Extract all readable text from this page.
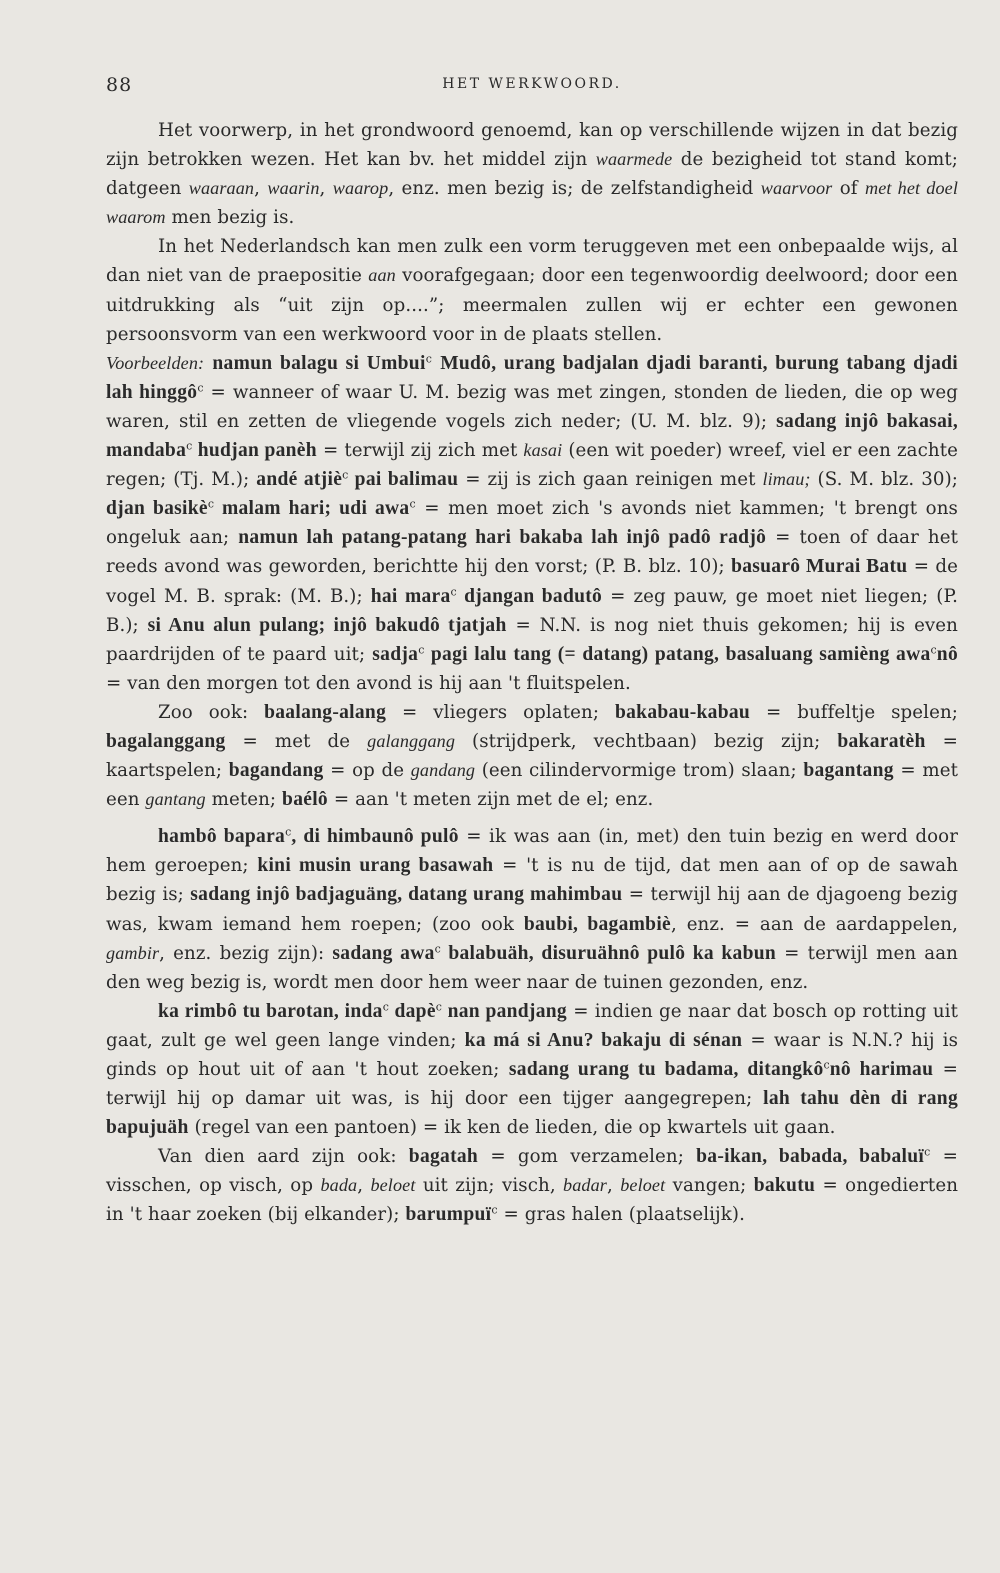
88	HET WERKWOORD.

Het voorwerp, in het grondwoord genoemd, kan op verschillende wijzen in dat bezig zijn betrokken wezen. Het kan bv. het middel zijn waarmede de bezigheid tot stand komt; datgeen waaraan, waarin, waarop, enz. men bezig is; de zelfstandigheid waarvoor of met het doel waarom men bezig is.

In het Nederlandsch kan men zulk een vorm teruggeven met een onbepaalde wijs, al dan niet van de praepositie aan voorafgegaan; door een tegenwoordig deelwoord; door een uitdrukking als “uit zijn op....”; meermalen zullen wij er echter een gewonen persoonsvorm van een werkwoord voor in de plaats stellen.

Voorbeelden: namun balagu si Umbui$^c$ Mudô, urang badjalan djadi baranti, burung tabang djadi lah hinggô$^c$ = wanneer of waar U. M. bezig was met zingen, stonden de lieden, die op weg waren, stil en zetten de vliegende vogels zich neder; (U. M. blz. 9); sadang injô bakasai, mandaba$^c$ hudjan panèh = terwijl zij zich met kasai (een wit poeder) wreef, viel er een zachte regen; (Tj. M.); andé atjiè$^c$ pai balimau = zij is zich gaan reinigen met limau; (S. M. blz. 30); djan basikè$^c$ malam hari; udi awa$^c$ = men moet zich 's avonds niet kammen; 't brengt ons ongeluk aan; namun lah patang-patang hari bakaba lah injô padô radjô = toen of daar het reeds avond was geworden, berichtte hij den vorst; (P. B. blz. 10); basuarô Murai Batu = de vogel M. B. sprak: (M. B.); hai mara$^c$ djangan badutô = zeg pauw, ge moet niet liegen; (P. B.); si Anu alun pulang; injô bakudô tjatjah = N.N. is nog niet thuis gekomen; hij is even paardrijden of te paard uit; sadja$^c$ pagi lalu tang (= datang) patang, basaluang samièng awa$^c$nô = van den morgen tot den avond is hij aan 't fluitspelen.

Zoo ook: baalang-alang = vliegers oplaten; bakabau-kabau = buffeltje spelen; bagalanggang = met de galanggang (strijdperk, vechtbaan) bezig zijn; bakaratèh = kaartspelen; bagandang = op de gandang (een cilindervormige trom) slaan; bagantang = met een gantang meten; baélô = aan 't meten zijn met de el; enz.

hambô bapara$^c$, di himbaunô pulô = ik was aan (in, met) den tuin bezig en werd door hem geroepen; kini musin urang basawah = 't is nu de tijd, dat men aan of op de sawah bezig is; sadang injô badjaguäng, datang urang mahimbau = terwijl hij aan de djagoeng bezig was, kwam iemand hem roepen; (zoo ook baubi, bagambiè, enz. = aan de aardappelen, gambir, enz. bezig zijn): sadang awa$^c$ balabuäh, disuruähnô pulô ka kabun = terwijl men aan den weg bezig is, wordt men door hem weer naar de tuinen gezonden, enz.

ka rimbô tu barotan, inda$^c$ dapè$^c$ nan pandjang = indien ge naar dat bosch op rotting uit gaat, zult ge wel geen lange vinden; ka má si Anu? bakaju di sénan = waar is N.N.? hij is ginds op hout uit of aan 't hout zoeken; sadang urang tu badama, ditangkô$^c$nô harimau = terwijl hij op damar uit was, is hij door een tijger aangegrepen; lah tahu dèn di rang bapujuäh (regel van een pantoen) = ik ken de lieden, die op kwartels uit gaan.

Van dien aard zijn ook: bagatah = gom verzamelen; ba-ikan, babada, babaluï$^c$ = visschen, op visch, op bada, beloet uit zijn; visch, badar, beloet vangen; bakutu = ongedierten in 't haar zoeken (bij elkander); barumpuï$^c$ = gras halen (plaatselijk).
